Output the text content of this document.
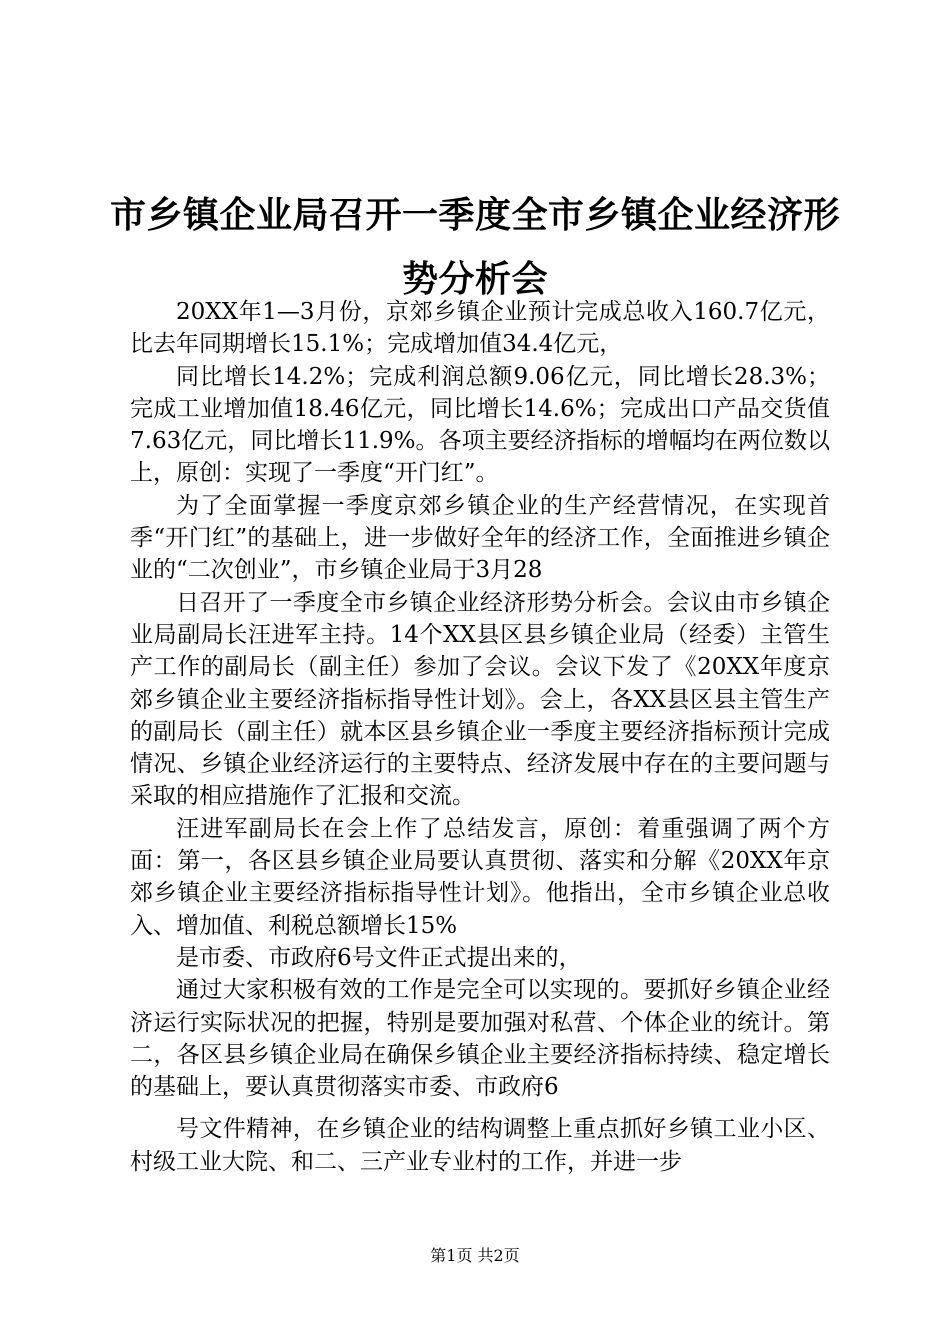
市乡镇企业局召开一季度全市乡镇企业经济形势分析会

20XX年1—3月份，京郊乡镇企业预计完成总收入160.7亿元，比去年同期增长15.1%；完成增加值34.4亿元，

同比增长14.2%；完成利润总额9.06亿元，同比增长28.3%；完成工业增加值18.46亿元，同比增长14.6%；完成出口产品交货值7.63亿元，同比增长11.9%。各项主要经济指标的增幅均在两位数以上，原创：实现了一季度“开门红”。

为了全面掌握一季度京郊乡镇企业的生产经营情况，在实现首季“开门红”的基础上，进一步做好全年的经济工作，全面推进乡镇企业的“二次创业”，市乡镇企业局于3月28

日召开了一季度全市乡镇企业经济形势分析会。会议由市乡镇企业局副局长汪进军主持。14个XX县区县乡镇企业局（经委）主管生产工作的副局长（副主任）参加了会议。会议下发了《20XX年度京郊乡镇企业主要经济指标指导性计划》。会上，各XX县区县主管生产的副局长（副主任）就本区县乡镇企业一季度主要经济指标预计完成情况、乡镇企业经济运行的主要特点、经济发展中存在的主要问题与采取的相应措施作了汇报和交流。

汪进军副局长在会上作了总结发言，原创：着重强调了两个方面：第一，各区县乡镇企业局要认真贯彻、落实和分解《20XX年京郊乡镇企业主要经济指标指导性计划》。他指出，全市乡镇企业总收入、增加值、利税总额增长15%

是市委、市政府6号文件正式提出来的，

通过大家积极有效的工作是完全可以实现的。要抓好乡镇企业经济运行实际状况的把握，特别是要加强对私营、个体企业的统计。第二，各区县乡镇企业局在确保乡镇企业主要经济指标持续、稳定增长的基础上，要认真贯彻落实市委、市政府6

号文件精神，在乡镇企业的结构调整上重点抓好乡镇工业小区、村级工业大院、和二、三产业专业村的工作，并进一步

第1页 共2页
